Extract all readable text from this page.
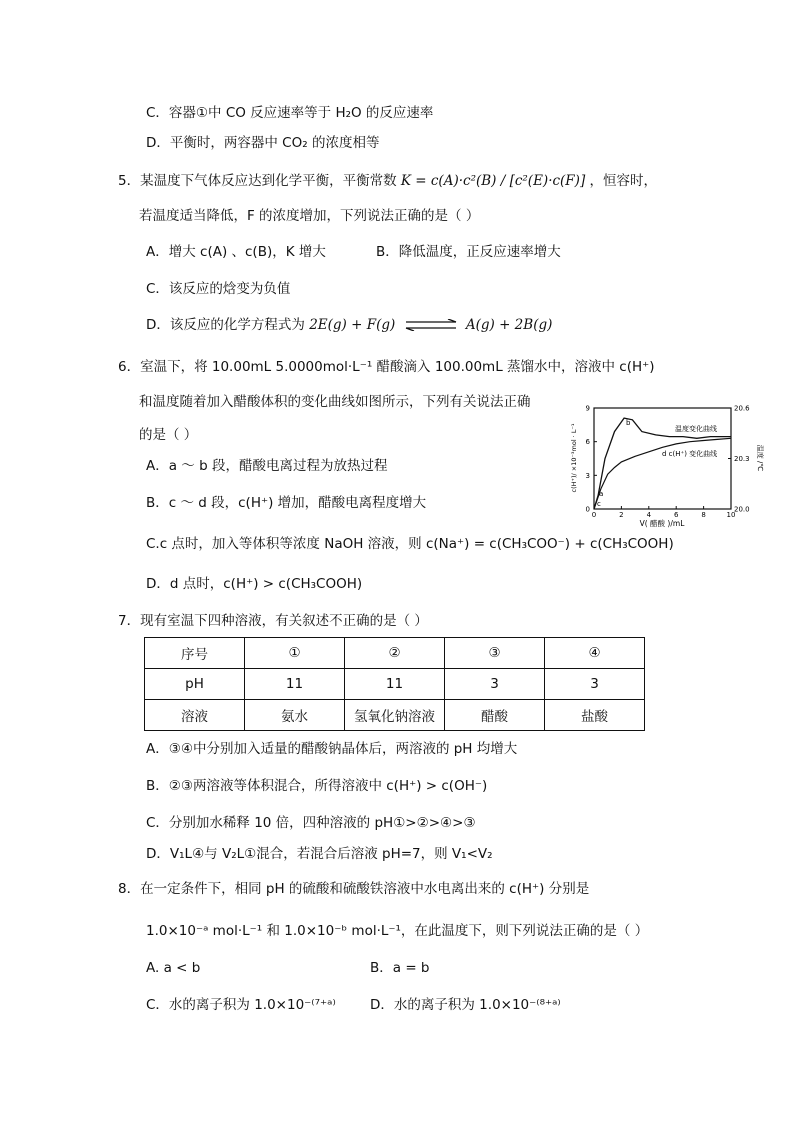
C．容器①中 CO 反应速率等于 H₂O 的反应速率
D．平衡时，两容器中 CO₂ 的浓度相等
5．某温度下气体反应达到化学平衡，平衡常数 K = c(A)·c²(B) / [c²(E)·c(F)] ，恒容时，
若温度适当降低，F 的浓度增加，下列说法正确的是（ ）
A．增大 c(A) 、c(B)，K 增大	B．降低温度，正反应速率增大
C．该反应的焓变为负值
D．该反应的化学方程式为 2E(g) + F(g) ⇌ A(g) + 2B(g)
6．室温下，将 10.00mL 5.0000mol·L⁻¹ 醋酸滴入 100.00mL 蒸馏水中，溶液中 c(H⁺)
和温度随着加入醋酸体积的变化曲线如图所示，下列有关说法正确
的是（ ）
A．a ～ b 段，醋酸电离过程为放热过程
B．c ～ d 段，c(H⁺) 增加，醋酸电离程度增大
C.c 点时，加入等体积等浓度 NaOH 溶液，则 c(Na⁺) = c(CH₃COO⁻) + c(CH₃COOH)
D．d 点时，c(H⁺) > c(CH₃COOH)
c(H⁺)/ ×10⁻³mol · L⁻¹	温度 /℃
V( 醋酸 )/mL
0	2	4	6	8	10
0
3
6
9
20.0
20.3
20.6
温度变化曲线
d c(H⁺) 变化曲线
b
a
c
7．现有室温下四种溶液，有关叙述不正确的是（ ）
序号	①	②	③	④
pH	11	11	3	3
溶液	氨水	氢氧化钠溶液	醋酸	盐酸
A．③④中分别加入适量的醋酸钠晶体后，两溶液的 pH 均增大
B．②③两溶液等体积混合，所得溶液中 c(H⁺) > c(OH⁻)
C．分别加水稀释 10 倍，四种溶液的 pH①>②>④>③
D．V₁L④与 V₂L①混合，若混合后溶液 pH=7，则 V₁<V₂
8．在一定条件下，相同 pH 的硫酸和硫酸铁溶液中水电离出来的 c(H⁺) 分别是
1.0×10⁻ᵃ mol·L⁻¹ 和 1.0×10⁻ᵇ mol·L⁻¹，在此温度下，则下列说法正确的是（ ）
A. a < b	B．a = b
C．水的离子积为 1.0×10⁻⁽⁷⁺ᵃ⁾	D．水的离子积为 1.0×10⁻⁽⁸⁺ᵃ⁾
